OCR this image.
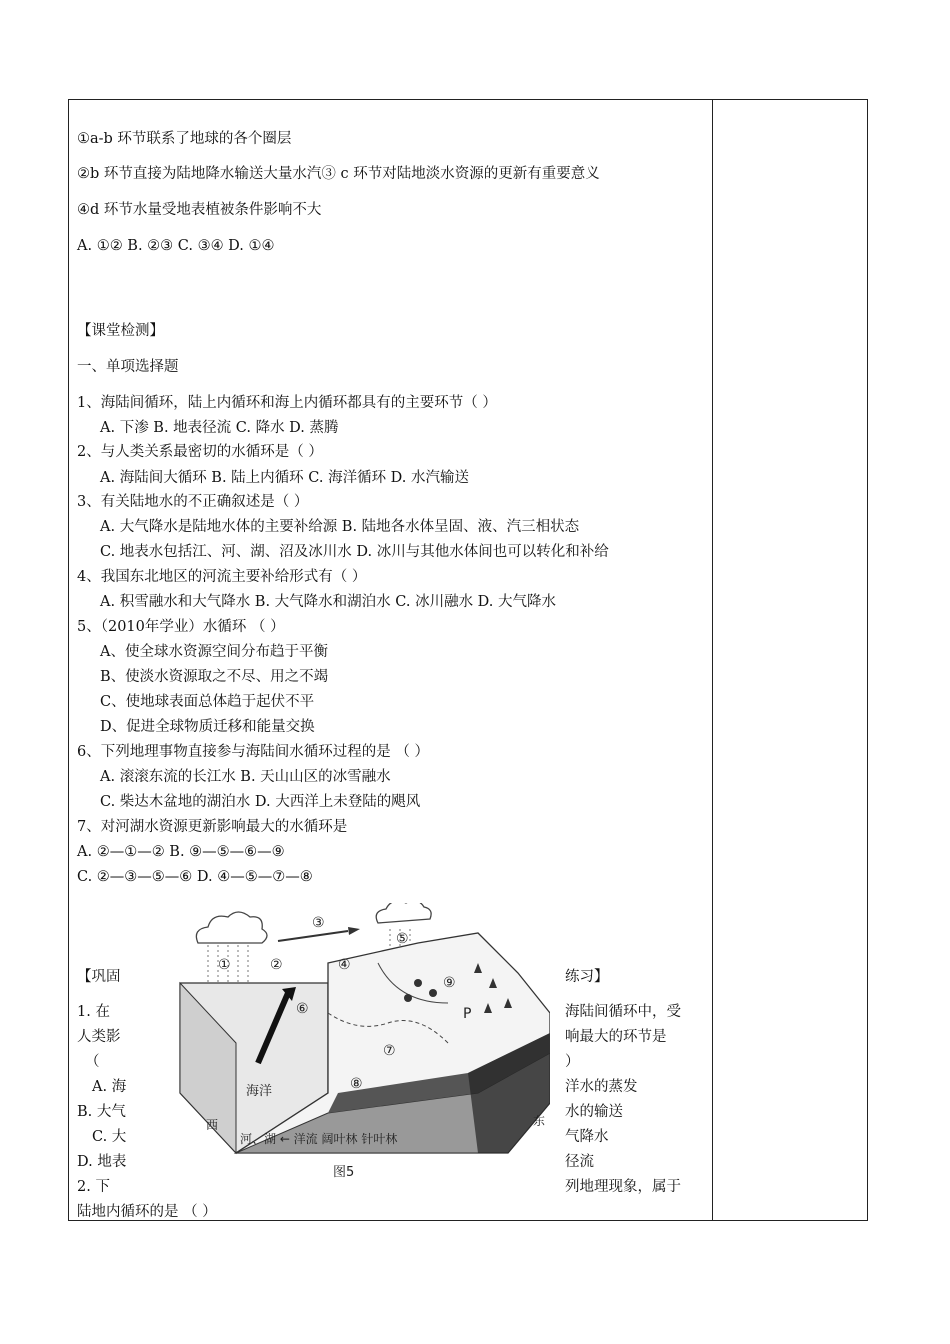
①a-b 环节联系了地球的各个圈层
②b 环节直接为陆地降水输送大量水汽③ c 环节对陆地淡水资源的更新有重要意义
④d 环节水量受地表植被条件影响不大
A. ①② B. ②③ C. ③④ D. ①④
【课堂检测】
一、单项选择题
1、海陆间循环，陆上内循环和海上内循环都具有的主要环节（ ）
A. 下渗 B. 地表径流 C. 降水 D. 蒸腾
2、与人类关系最密切的水循环是（ ）
A. 海陆间大循环 B. 陆上内循环 C. 海洋循环 D. 水汽输送
3、有关陆地水的不正确叙述是（ ）
A. 大气降水是陆地水体的主要补给源 B. 陆地各水体呈固、液、汽三相状态
C. 地表水包括江、河、湖、沼及冰川水 D. 冰川与其他水体间也可以转化和补给
4、我国东北地区的河流主要补给形式有（ ）
A. 积雪融水和大气降水 B. 大气降水和湖泊水 C. 冰川融水 D. 大气降水
5、（2010年学业）水循环 （ ）
A、使全球水资源空间分布趋于平衡
B、使淡水资源取之不尽、用之不竭
C、使地球表面总体趋于起伏不平
D、促进全球物质迁移和能量交换
6、下列地理事物直接参与海陆间水循环过程的是 （ ）
A. 滚滚东流的长江水 B. 天山山区的冰雪融水
C. 柴达木盆地的湖泊水 D. 大西洋上未登陆的飓风
7、对河湖水资源更新影响最大的水循环是
A. ②—①—② B. ⑨—⑤—⑥—⑨
C. ②—③—⑤—⑥ D. ④—⑤—⑦—⑧
【巩固	练习】
1. 在	海陆间循环中，受
人类影	响最大的环节是
（	）
A. 海	洋水的蒸发
B. 大气	水的输送
C. 大	气降水
D. 地表	径流
2. 下	列地理现象，属于
陆地内循环的是 （ ）
①	②
③
④
⑤
⑥
⑦
⑧
⑨
P
海洋
西	东
河、湖 ← 洋流 阔叶林 针叶林
图5
